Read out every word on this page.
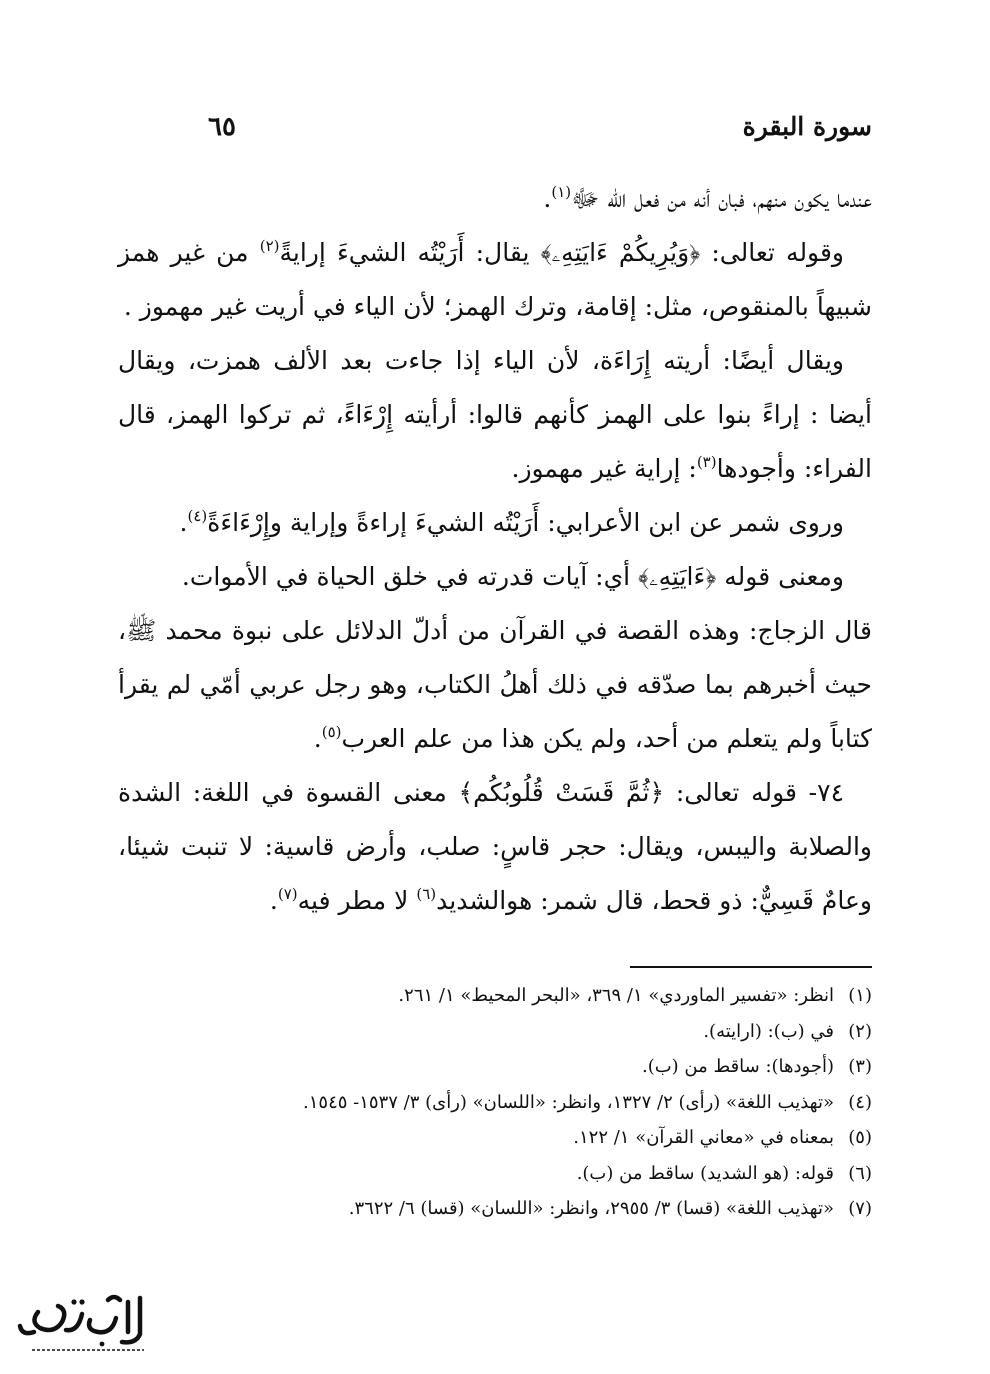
سورة البقرة
٦٥

عندما يكون منهم، فبان أنه من فعل الله ﷻ$^{(١)}$.

وقوله تعالى: ﴿وَيُرِيكُمْ ءَايَتِهِۦ﴾ يقال: أَرَيْتُه الشيءَ إرايةً$^{(٢)}$ من غير همز شبيهاً بالمنقوص، مثل: إقامة، وترك الهمز؛ لأن الياء في أريت غير مهموز .

ويقال أيضًا: أريته إِرَاءَة، لأن الياء إذا جاءت بعد الألف همزت، ويقال أيضا : إراءً بنوا على الهمز كأنهم قالوا: أرأيته إِرْءَاءً، ثم تركوا الهمز، قال الفراء: وأجودها$^{(٣)}$: إراية غير مهموز.

وروى شمر عن ابن الأعرابي: أَرَيْتُه الشيءَ إراءةً وإراية وإِرْءَاءَةً$^{(٤)}$.

ومعنى قوله ﴿ءَايَتِهِۦ﴾ أي: آيات قدرته في خلق الحياة في الأموات.

قال الزجاج: وهذه القصة في القرآن من أدلّ الدلائل على نبوة محمد ﷺ، حيث أخبرهم بما صدّقه في ذلك أهلُ الكتاب، وهو رجل عربي أمّي لم يقرأ كتاباً ولم يتعلم من أحد، ولم يكن هذا من علم العرب$^{(٥)}$.

٧٤- قوله تعالى: ﴿ثُمَّ قَسَتْ قُلُوبُكُم﴾ معنى القسوة في اللغة: الشدة والصلابة واليبس، ويقال: حجر قاسٍ: صلب، وأرض قاسية: لا تنبت شيئا، وعامٌ قَسِيٌّ: ذو قحط، قال شمر: هوالشديد$^{(٦)}$ لا مطر فيه$^{(٧)}$.

(١)
انظر: «تفسير الماوردي» ١/ ٣٦٩، «البحر المحيط» ١/ ٢٦١.
(٢)
في (ب): (ارايته).
(٣)
(أجودها): ساقط من (ب).
(٤)
«تهذيب اللغة» (رأى) ٢/ ١٣٢٧، وانظر: «اللسان» (رأى) ٣/ ١٥٣٧- ١٥٤٥.
(٥)
بمعناه في «معاني القرآن» ١/ ١٢٢.
(٦)
قوله: (هو الشديد) ساقط من (ب).
(٧)
«تهذيب اللغة» (قسا) ٣/ ٢٩٥٥، وانظر: «اللسان» (قسا) ٦/ ٣٦٢٢.
